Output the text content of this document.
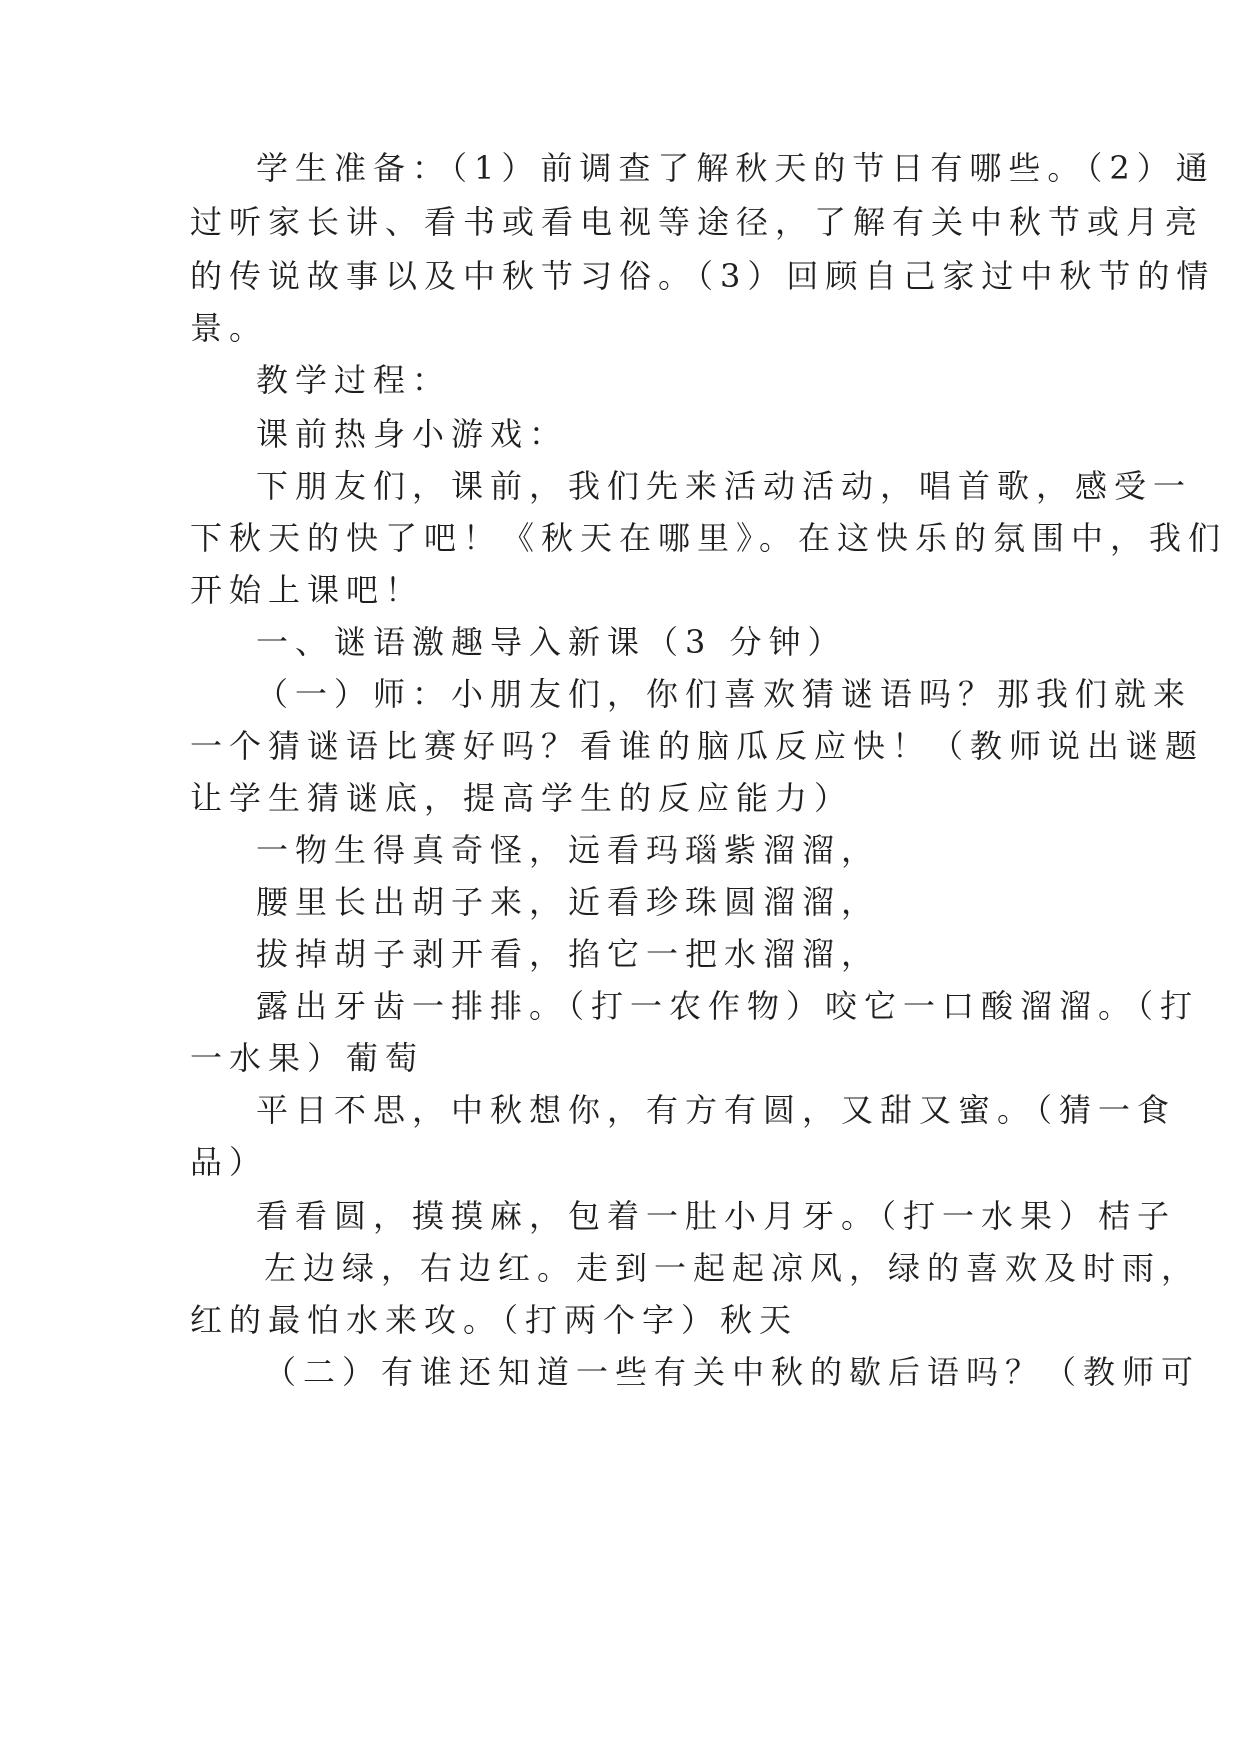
学生准备：（1）前调查了解秋天的节日有哪些。（2）通
过听家长讲、看书或看电视等途径，了解有关中秋节或月亮
的传说故事以及中秋节习俗。（3）回顾自己家过中秋节的情
景。
教学过程：
课前热身小游戏：
下朋友们，课前，我们先来活动活动，唱首歌，感受一
下秋天的快了吧！《秋天在哪里》。在这快乐的氛围中，我们
开始上课吧！
一、谜语激趣导入新课（3 分钟）
（一）师：小朋友们，你们喜欢猜谜语吗？那我们就来
一个猜谜语比赛好吗？看谁的脑瓜反应快！（教师说出谜题
让学生猜谜底，提高学生的反应能力）
一物生得真奇怪，远看玛瑙紫溜溜，
腰里长出胡子来，近看珍珠圆溜溜，
拔掉胡子剥开看，掐它一把水溜溜，
露出牙齿一排排。（打一农作物）咬它一口酸溜溜。（打
一水果）葡萄
平日不思，中秋想你，有方有圆，又甜又蜜。（猜一食
品）
看看圆，摸摸麻，包着一肚小月牙。（打一水果）桔子
左边绿，右边红。走到一起起凉风，绿的喜欢及时雨，
红的最怕水来攻。（打两个字）秋天
（二）有谁还知道一些有关中秋的歇后语吗？（教师可
